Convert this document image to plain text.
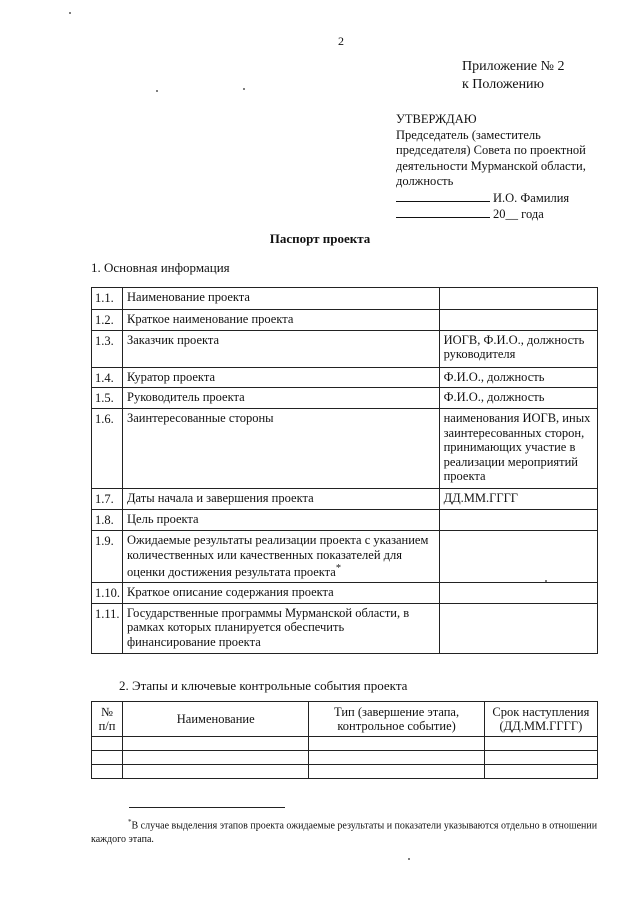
2
Приложение № 2
к Положению
УТВЕРЖДАЮ
Председатель (заместитель
председателя) Совета по проектной
деятельности Мурманской области,
должность
И.О. Фамилия
20__ года
Паспорт проекта
1. Основная информация
1.1.	Наименование проекта	
1.2.	Краткое наименование проекта	
1.3.	Заказчик проекта	ИОГВ, Ф.И.О., должность руководителя
1.4.	Куратор проекта	Ф.И.О., должность
1.5.	Руководитель проекта	Ф.И.О., должность
1.6.	Заинтересованные стороны	наименования ИОГВ, иных заинтересованных сторон, принимающих участие в реализации мероприятий проекта
1.7.	Даты начала и завершения проекта	ДД.ММ.ГГГГ
1.8.	Цель проекта	
1.9.	Ожидаемые результаты реализации проекта с указанием количественных или качественных показателей для оценки достижения результата проекта*	
1.10.	Краткое описание содержания проекта	
1.11.	Государственные программы Мурманской области, в рамках которых планируется обеспечить финансирование проекта	
2. Этапы и ключевые контрольные события проекта
№ п/п	Наименование	Тип (завершение этапа, контрольное событие)	Срок наступления (ДД.ММ.ГГГГ)

*В случае выделения этапов проекта ожидаемые результаты и показатели указываются отдельно в отношении каждого этапа.
